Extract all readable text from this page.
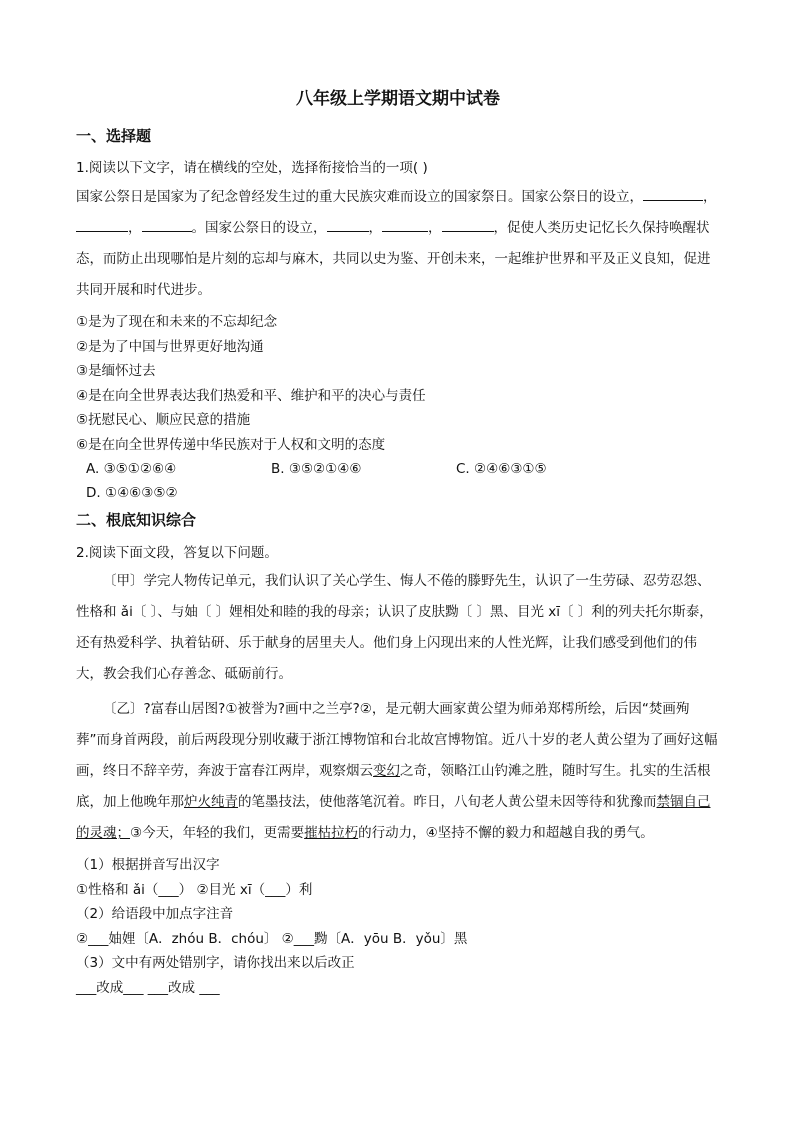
八年级上学期语文期中试卷
一、选择题

1.阅读以下文字，请在横线的空处，选择衔接恰当的一项( )

国家公祭日是国家为了纪念曾经发生过的重大民族灾难而设立的国家祭日。国家公祭日的设立，	，，	。国家公祭日的设立，	，	，	，促使人类历史记忆长久保持唤醒状态，而防止出现哪怕是片刻的忘却与麻木，共同以史为鉴、开创未来，一起维护世界和平及正义良知，促进共同开展和时代进步。

①是为了现在和未来的不忘却纪念
②是为了中国与世界更好地沟通
③是缅怀过去
④是在向全世界表达我们热爱和平、维护和平的决心与责任
⑤抚慰民心、顺应民意的措施
⑥是在向全世界传递中华民族对于人权和文明的态度
A. ③⑤①②⑥④	B. ③⑤②①④⑥	C. ②④⑥③①⑤
D. ①④⑥③⑤②
二、根底知识综合

2.阅读下面文段，答复以下问题。

〔甲〕学完人物传记单元，我们认识了关心学生、悔人不倦的滕野先生，认识了一生劳碌、忍劳忍怨、性格和 ǎi〔 〕、与妯〔 〕娌相处和睦的我的母亲；认识了皮肤黝〔 〕黑、目光 xī〔 〕利的列夫托尔斯泰，还有热爱科学、执着钻研、乐于献身的居里夫人。他们身上闪现出来的人性光辉，让我们感受到他们的伟大，教会我们心存善念、砥砺前行。

〔乙〕?富春山居图?①被誉为?画中之兰亭?②，是元朝大画家黄公望为师弟郑樗所绘，后因“焚画殉葬”而身首两段，前后两段现分别收藏于浙江博物馆和台北故宫博物馆。近八十岁的老人黄公望为了画好这幅画，终日不辞辛劳，奔波于富春江两岸，观察烟云变幻之奇，领略江山钓滩之胜，随时写生。扎实的生活根底，加上他晚年那炉火纯青的笔墨技法，使他落笔沉着。昨日，八旬老人黄公望未因等待和犹豫而禁锢自己的灵魂；③今天，年轻的我们，更需要摧枯拉朽的行动力，④坚持不懈的毅力和超越自我的勇气。

（1）根据拼音写出汉字
①性格和 ǎi（___） ②目光 xī（___）利
（2）给语段中加点字注音
②___妯娌〔A．zhóu B．chóu〕 ②___黝〔A．yōu B．yǒu〕黑
（3）文中有两处错别字，请你找出来以后改正
___改成___ ___改成 ___
